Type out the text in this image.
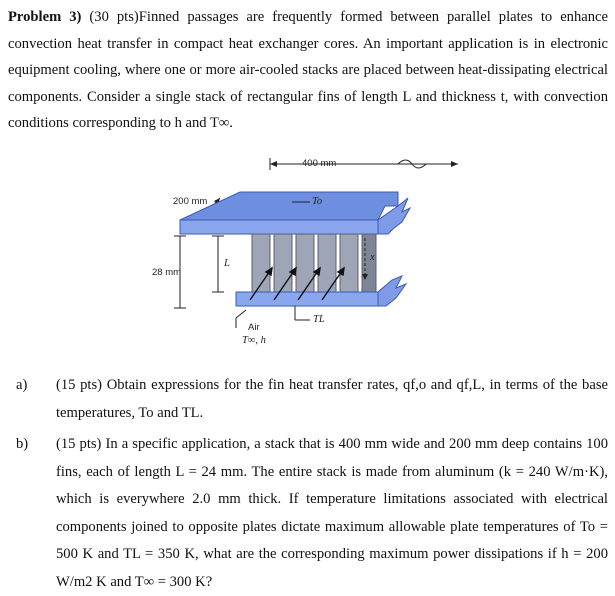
Problem 3) (30 pts)Finned passages are frequently formed between parallel plates to enhance convection heat transfer in compact heat exchanger cores. An important application is in electronic equipment cooling, where one or more air-cooled stacks are placed between heat-dissipating electrical components. Consider a single stack of rectangular fins of length L and thickness t, with convection conditions corresponding to h and T∞.
400 mm
200 mm
28 mm
L
To
TL
x
Air
T∞, h
a) (15 pts) Obtain expressions for the fin heat transfer rates, qf,o and qf,L, in terms of the base temperatures, To and TL.
b) (15 pts) In a specific application, a stack that is 400 mm wide and 200 mm deep contains 100 fins, each of length L = 24 mm. The entire stack is made from aluminum (k = 240 W/m·K), which is everywhere 2.0 mm thick. If temperature limitations associated with electrical components joined to opposite plates dictate maximum allowable plate temperatures of To = 500 K and TL = 350 K, what are the corresponding maximum power dissipations if h = 200 W/m2 K and T∞ = 300 K?
